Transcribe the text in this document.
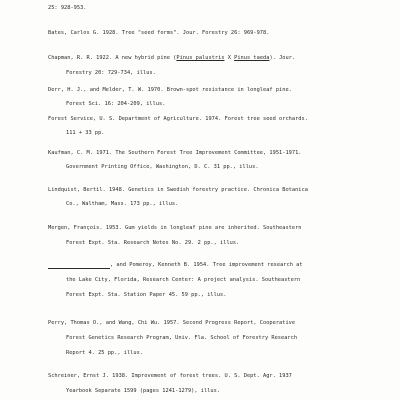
25: 928-953.
Bates, Carlos G. 1928. Tree "seed forms". Jour. Forestry 26: 969-978.
Chapman, R. R. 1922. A new hybrid pine (Pinus palustris X Pinus taeda). Jour.
Forestry 20: 729-734, illus.
Derr, H. J., and Melder, T. W. 1970. Brown-spot resistance in longleaf pine.
Forest Sci. 16: 204-209, illus.
Forest Service, U. S. Department of Agriculture. 1974. Forest tree seed orchards.
111 + 33 pp.
Kaufman, C. M. 1971. The Southern Forest Tree Improvement Committee, 1951-1971.
Government Printing Office, Washington, D. C. 31 pp., illus.
Lindquist, Bertil. 1948. Genetics in Swedish forestry practice. Chronica Botanica
Co., Waltham, Mass. 173 pp., illus.
Mergen, François. 1953. Gum yields in longleaf pine are inherited. Southeastern
Forest Expt. Sta. Research Notes No. 29. 2 pp., illus.
, and Pomeroy, Kenneth B. 1954. Tree improvement research at
the Lake City, Florida, Research Center: A project analysis. Southeastern
Forest Expt. Sta. Station Paper 45. 59 pp., illus.
Perry, Thomas O., and Wang, Chi Wu. 1957. Second Progress Report, Cooperative
Forest Genetics Research Program, Univ. Fla. School of Forestry Research
Report 4. 25 pp., illus.
Schreiner, Ernst J. 1938. Improvement of forest trees. U. S. Dept. Agr. 1937
Yearbook Separate 1599 (pages 1241-1279), illus.
